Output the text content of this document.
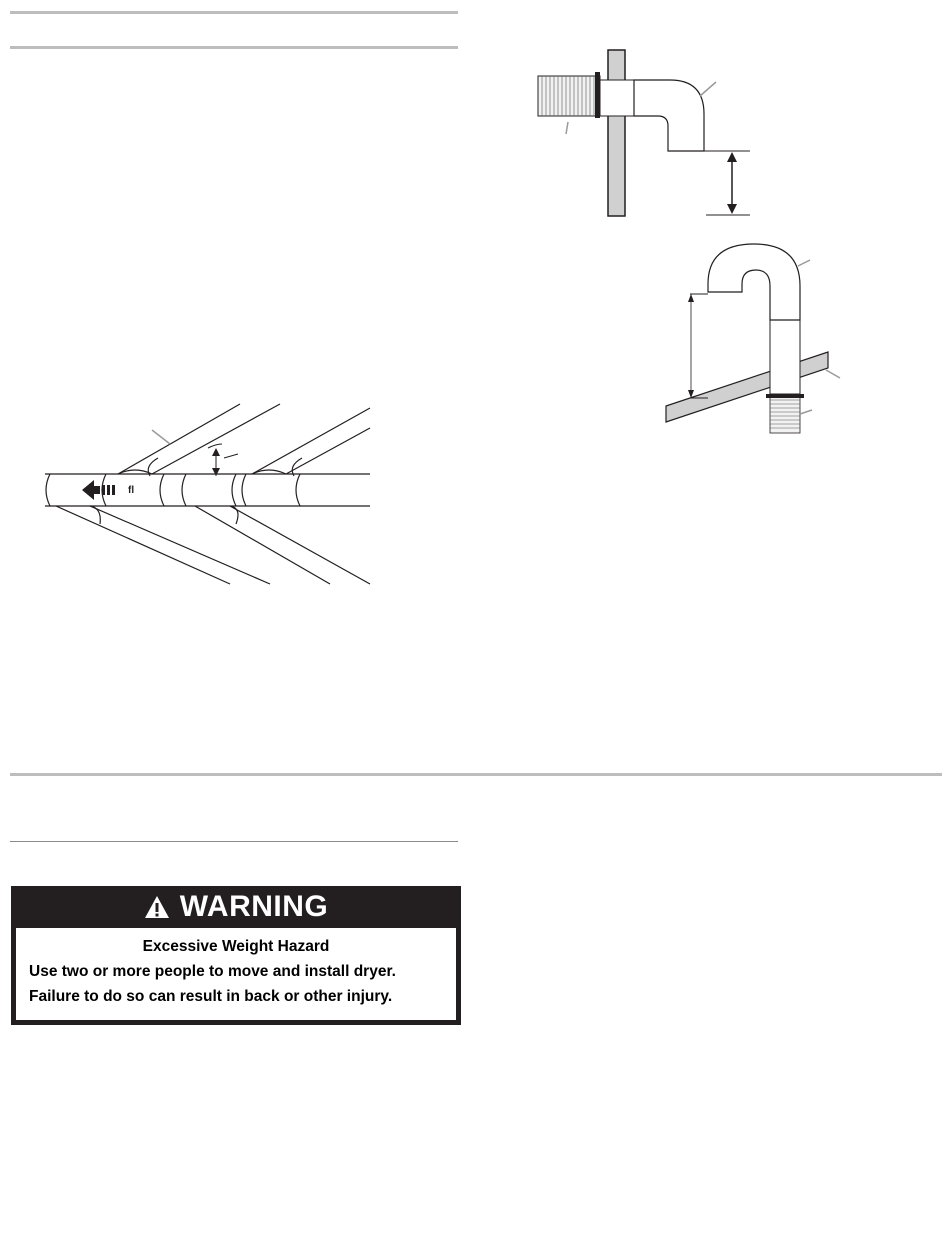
fl
WARNING
Excessive Weight Hazard
Use two or more people to move and install dryer.
Failure to do so can result in back or other injury.
